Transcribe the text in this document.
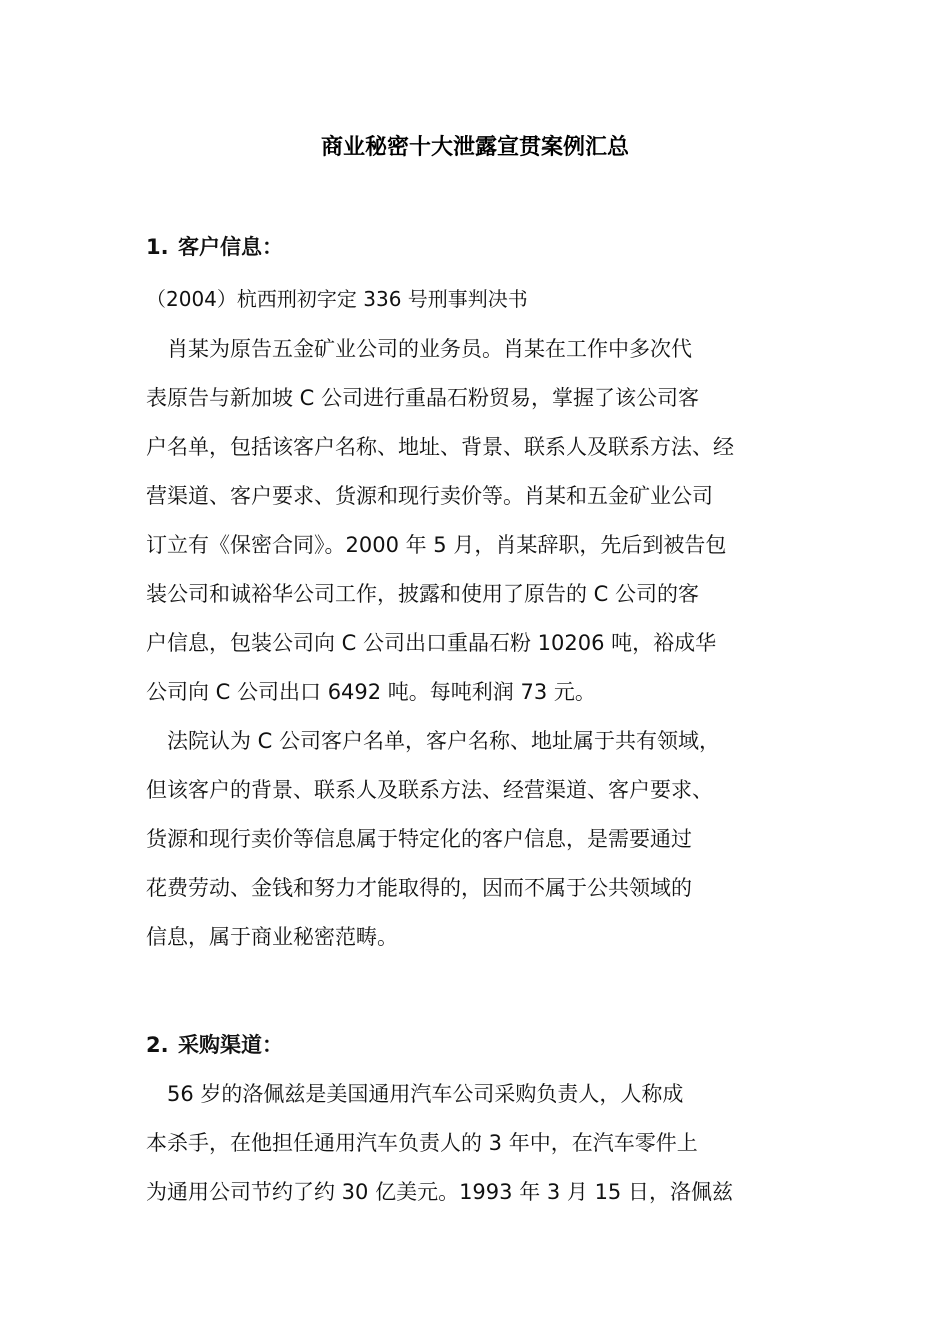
商业秘密十大泄露宣贯案例汇总

1. 客户信息：

（2004）杭西刑初字定 336 号刑事判决书

　肖某为原告五金矿业公司的业务员。肖某在工作中多次代

表原告与新加坡 C 公司进行重晶石粉贸易，掌握了该公司客

户名单，包括该客户名称、地址、背景、联系人及联系方法、经

营渠道、客户要求、货源和现行卖价等。肖某和五金矿业公司

订立有《保密合同》。2000 年 5 月，肖某辞职，先后到被告包

装公司和诚裕华公司工作，披露和使用了原告的 C 公司的客

户信息，包装公司向 C 公司出口重晶石粉 10206 吨，裕成华

公司向 C 公司出口 6492 吨。每吨利润 73 元。

　法院认为 C 公司客户名单，客户名称、地址属于共有领域，

但该客户的背景、联系人及联系方法、经营渠道、客户要求、

货源和现行卖价等信息属于特定化的客户信息，是需要通过

花费劳动、金钱和努力才能取得的，因而不属于公共领域的

信息，属于商业秘密范畴。

2. 采购渠道：

　56 岁的洛佩兹是美国通用汽车公司采购负责人，人称成

本杀手，在他担任通用汽车负责人的 3 年中，在汽车零件上

为通用公司节约了约 30 亿美元。1993 年 3 月 15 日，洛佩兹
